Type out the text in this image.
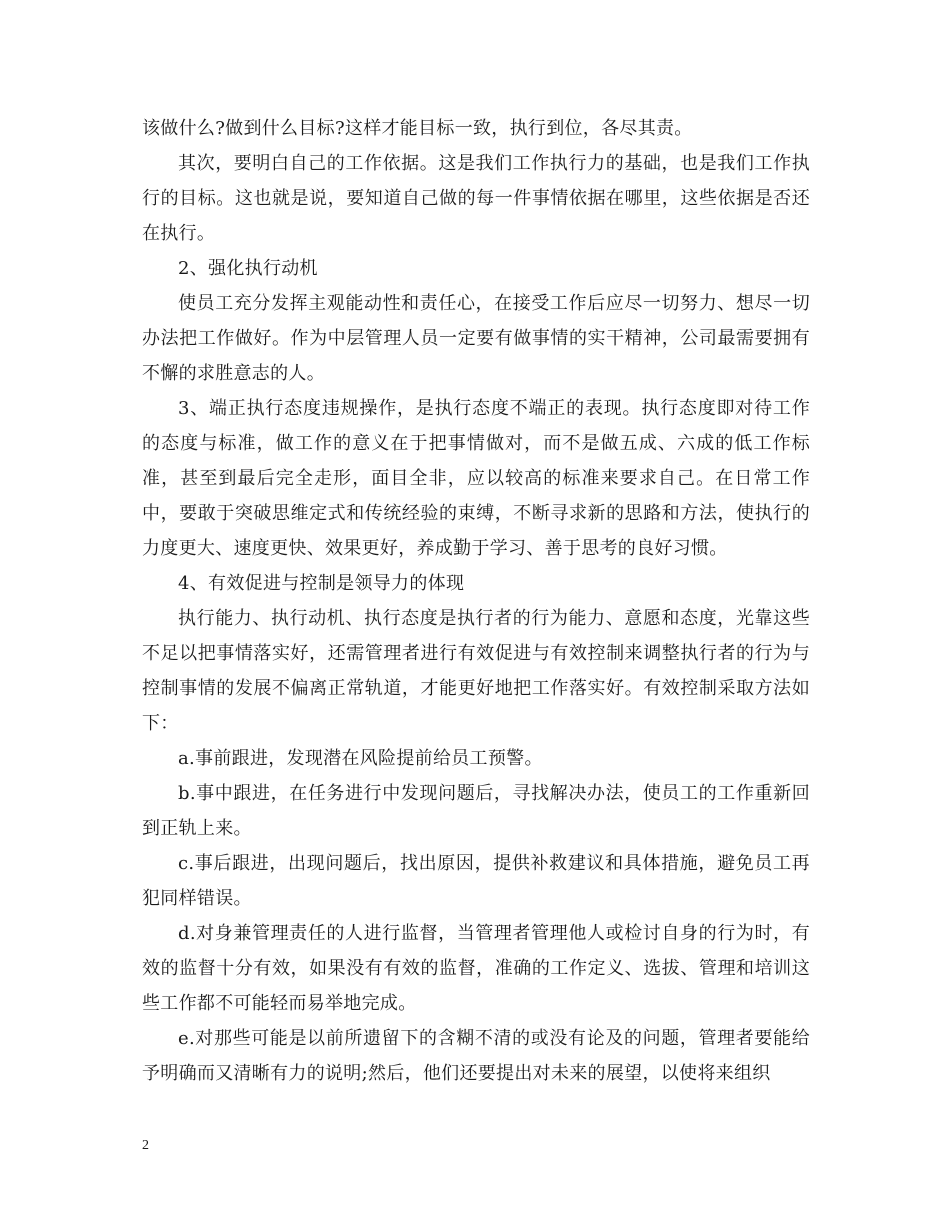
该做什么?做到什么目标?这样才能目标一致，执行到位，各尽其责。

其次，要明白自己的工作依据。这是我们工作执行力的基础，也是我们工作执行的目标。这也就是说，要知道自己做的每一件事情依据在哪里，这些依据是否还在执行。

2、强化执行动机

使员工充分发挥主观能动性和责任心，在接受工作后应尽一切努力、想尽一切办法把工作做好。作为中层管理人员一定要有做事情的实干精神，公司最需要拥有不懈的求胜意志的人。

3、端正执行态度违规操作，是执行态度不端正的表现。执行态度即对待工作的态度与标准，做工作的意义在于把事情做对，而不是做五成、六成的低工作标准，甚至到最后完全走形，面目全非，应以较高的标准来要求自己。在日常工作中，要敢于突破思维定式和传统经验的束缚，不断寻求新的思路和方法，使执行的力度更大、速度更快、效果更好，养成勤于学习、善于思考的良好习惯。

4、有效促进与控制是领导力的体现

执行能力、执行动机、执行态度是执行者的行为能力、意愿和态度，光靠这些不足以把事情落实好，还需管理者进行有效促进与有效控制来调整执行者的行为与控制事情的发展不偏离正常轨道，才能更好地把工作落实好。有效控制采取方法如下：

a.事前跟进，发现潜在风险提前给员工预警。

b.事中跟进，在任务进行中发现问题后，寻找解决办法，使员工的工作重新回到正轨上来。

c.事后跟进，出现问题后，找出原因，提供补救建议和具体措施，避免员工再犯同样错误。

d.对身兼管理责任的人进行监督，当管理者管理他人或检讨自身的行为时，有效的监督十分有效，如果没有有效的监督，准确的工作定义、选拔、管理和培训这些工作都不可能轻而易举地完成。

e.对那些可能是以前所遗留下的含糊不清的或没有论及的问题，管理者要能给予明确而又清晰有力的说明;然后，他们还要提出对未来的展望，以使将来组织

2
